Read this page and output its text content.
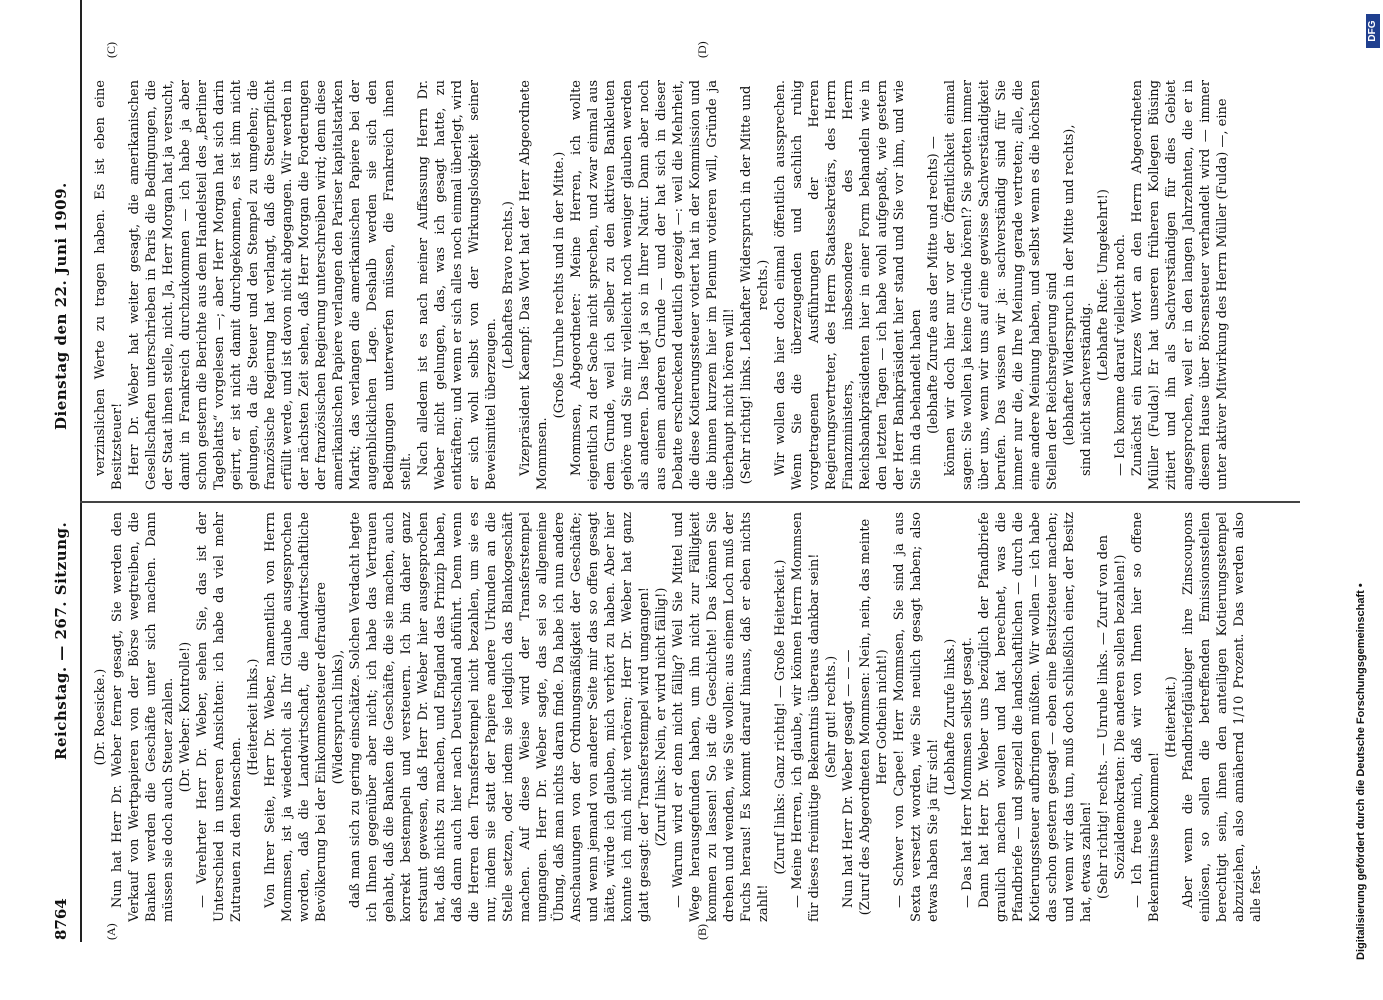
8764
Reichstag. — 267. Sitzung.
Dienstag den 22. Juni 1909.
(A)	(B)
(C)	(D)

(Dr. Roesicke.) Nun hat Herr Dr. Weber ferner gesagt, Sie werden den Verkauf von Wertpapieren von der Börse wegtreiben, die Banken werden die Geschäfte unter sich machen. Dann müssen sie doch auch Steuer zahlen. (Dr. Weber: Kontrolle!) — Verehrter Herr Dr. Weber, sehen Sie, das ist der Unterschied in unseren Ansichten: ich habe da viel mehr Zutrauen zu den Menschen.

(Heiterkeit links.) Von Ihrer Seite, Herr Dr. Weber, namentlich von Herrn Mommsen, ist ja wiederholt als Ihr Glaube ausgesprochen worden, daß die Landwirtschaft, die landwirtschaftliche Bevölkerung bei der Einkommensteuer defraudiere (Widerspruch links), daß man sich zu gering einschätze. Solchen Verdacht hegte ich Ihnen gegenüber aber nicht; ich habe das Vertrauen gehabt, daß die Banken die Geschäfte, die sie machen, auch korrekt bestempeln und versteuern. Ich bin daher ganz erstaunt gewesen, daß Herr Dr. Weber hier ausgesprochen hat, daß nichts zu machen, und England das Prinzip haben, daß dann auch hier nach Deutschland abführt. Denn wenn die Herren den Transferstempel nicht bezahlen, um sie es nur, indem sie statt der Papiere andere Urkunden an die Stelle setzen, oder indem sie lediglich das Blankogeschäft machen. Auf diese Weise wird der Transferstempel umgangen. Herr Dr. Weber sagte, das sei so allgemeine Übung, daß man nichts daran finde. Da habe ich nun andere Anschauungen von der Ordnungsmäßigkeit der Geschäfte; und wenn jemand von anderer Seite mir das so offen gesagt hätte, würde ich glauben, mich verhört zu haben. Aber hier konnte ich mich nicht verhören; Herr Dr. Weber hat ganz glatt gesagt: der Transferstempel wird umgangen! (Zuruf links: Nein, er wird nicht fällig!) — Warum wird er denn nicht fällig? Weil Sie Mittel und Wege herausgefunden haben, um ihn nicht zur Fälligkeit kommen zu lassen! So ist die Geschichte! Das können Sie drehen und wenden, wie Sie wollen: aus einem Loch muß der Fuchs heraus! Es kommt darauf hinaus, daß er eben nichts zahlt!

(Zuruf links: Ganz richtig! — Große Heiterkeit.) — Meine Herren, ich glaube, wir können Herrn Mommsen für dieses freimütige Bekenntnis überaus dankbar sein! (Sehr gut! rechts.) Nun hat Herr Dr. Weber gesagt — — — (Zuruf des Abgeordneten Mommsen: Nein, nein, das meinte Herr Gothein nicht!) — Schwer von Capee! Herr Mommsen, Sie sind ja aus Sexta versetzt worden, wie Sie neulich gesagt haben; also etwas haben Sie ja für sich!

(Lebhafte Zurufe links.) — Das hat Herr Mommsen selbst gesagt. Dann hat Herr Dr. Weber uns bezüglich der Pfandbriefe graulich machen wollen und hat berechnet, was die Pfandbriefe — und speziell die landschaftlichen — durch die Kotierungssteuer aufbringen müßten. Wir wollen — ich habe das schon gestern gesagt — eben eine Besitzsteuer machen; und wenn wir das tun, muß doch schließlich einer, der Besitz hat, etwas zahlen! (Sehr richtig! rechts. — Unruhe links. — Zuruf von den Sozialdemokraten: Die anderen sollen bezahlen!) — Ich freue mich, daß wir von Ihnen hier so offene Bekenntnisse bekommen!

(Heiterkeit.) Aber wenn die Pfandbriefgläubiger ihre Zinscoupons einlösen, so sollen die betreffenden Emissionsstellen berechtigt sein, ihnen den anteiligen Kotierungsstempel abzuziehen, also annähernd 1/10 Prozent. Das werden also alle fest-

verzinslichen Werte zu tragen haben. Es ist eben eine Besitzsteuer! Herr Dr. Weber hat weiter gesagt, die amerikanischen Gesellschaften unterschrieben in Paris die Bedingungen, die der Staat ihnen stelle, nicht. Ja, Herr Morgan hat ja versucht, damit in Frankreich durchzukommen — ich habe ja aber schon gestern die Berichte aus dem Handelsteil des „Berliner Tageblatts“ vorgelesen —; aber Herr Morgan hat sich darin geirrt, er ist nicht damit durchgekommen, es ist ihm nicht gelungen, da die Steuer und den Stempel zu umgehen; die französische Regierung hat verlangt, daß die Steuerpflicht erfüllt werde, und ist davon nicht abgegangen. Wir werden in der nächsten Zeit sehen, daß Herr Morgan die Forderungen der französischen Regierung unterschreiben wird; denn diese amerikanischen Papiere verlangen den Pariser kapitalstarken Markt; das verlangen die amerikanischen Papiere bei der augenblicklichen Lage. Deshalb werden sie sich den Bedingungen unterwerfen müssen, die Frankreich ihnen stellt. Nach alledem ist es nach meiner Auffassung Herrn Dr. Weber nicht gelungen, das, was ich gesagt hatte, zu entkräften; und wenn er sich alles noch einmal überlegt, wird er sich wohl selbst von der Wirkungslosigkeit seiner Beweismittel überzeugen.

(Lebhaftes Bravo rechts.) Vizepräsident Kaempf: Das Wort hat der Herr Abgeordnete Mommsen.

(Große Unruhe rechts und in der Mitte.) Mommsen, Abgeordneter: Meine Herren, ich wollte eigentlich zu der Sache nicht sprechen, und zwar einmal aus dem Grunde, weil ich selber zu den aktiven Bankleuten gehöre und Sie mir vielleicht noch weniger glauben werden als anderen. Das liegt ja so in Ihrer Natur. Dann aber noch aus einem anderen Grunde — und der hat sich in dieser Debatte erschreckend deutlich gezeigt —: weil die Mehrheit, die diese Kotierungssteuer votiert hat in der Kommission und die binnen kurzem hier im Plenum votieren will, Gründe ja überhaupt nicht hören will! (Sehr richtig! links. Lebhafter Widerspruch in der Mitte und rechts.) Wir wollen das hier doch einmal öffentlich aussprechen. Wenn Sie die überzeugenden und sachlich ruhig vorgetragenen Ausführungen der Herren Regierungsvertreter, des Herrn Staatssekretärs, des Herrn Finanzministers, insbesondere des Herrn Reichsbankpräsidenten hier in einer Form behandeln wie in den letzten Tagen — ich habe wohl aufgepaßt, wie gestern der Herr Bankpräsident hier stand und Sie vor ihm, und wie Sie ihn da behandelt haben (lebhafte Zurufe aus der Mitte und rechts) — können wir doch hier nur vor der Öffentlichkeit einmal sagen: Sie wollen ja keine Gründe hören!? Sie spotten immer über uns, wenn wir uns auf eine gewisse Sachverständigkeit berufen. Das wissen wir ja: sachverständig sind für Sie immer nur die, die Ihre Meinung gerade vertreten; alle, die eine andere Meinung haben, und selbst wenn es die höchsten Stellen der Reichsregierung sind (lebhafter Widerspruch in der Mitte und rechts), sind nicht sachverständig.

(Lebhafte Rufe: Umgekehrt!) — Ich komme darauf vielleicht noch. Zunächst ein kurzes Wort an den Herrn Abgeordneten Müller (Fulda)! Er hat unseren früheren Kollegen Büsing zitiert und ihn als Sachverständigen für dies Gebiet angesprochen, weil er in den langen Jahrzehnten, die er in diesem Hause über Börsensteuer verhandelt wird — immer unter aktiver Mitwirkung des Herrn Müller (Fulda) —, eine

Digitalisierung gefördert durch die Deutsche Forschungsgemeinschaft •
DFG
